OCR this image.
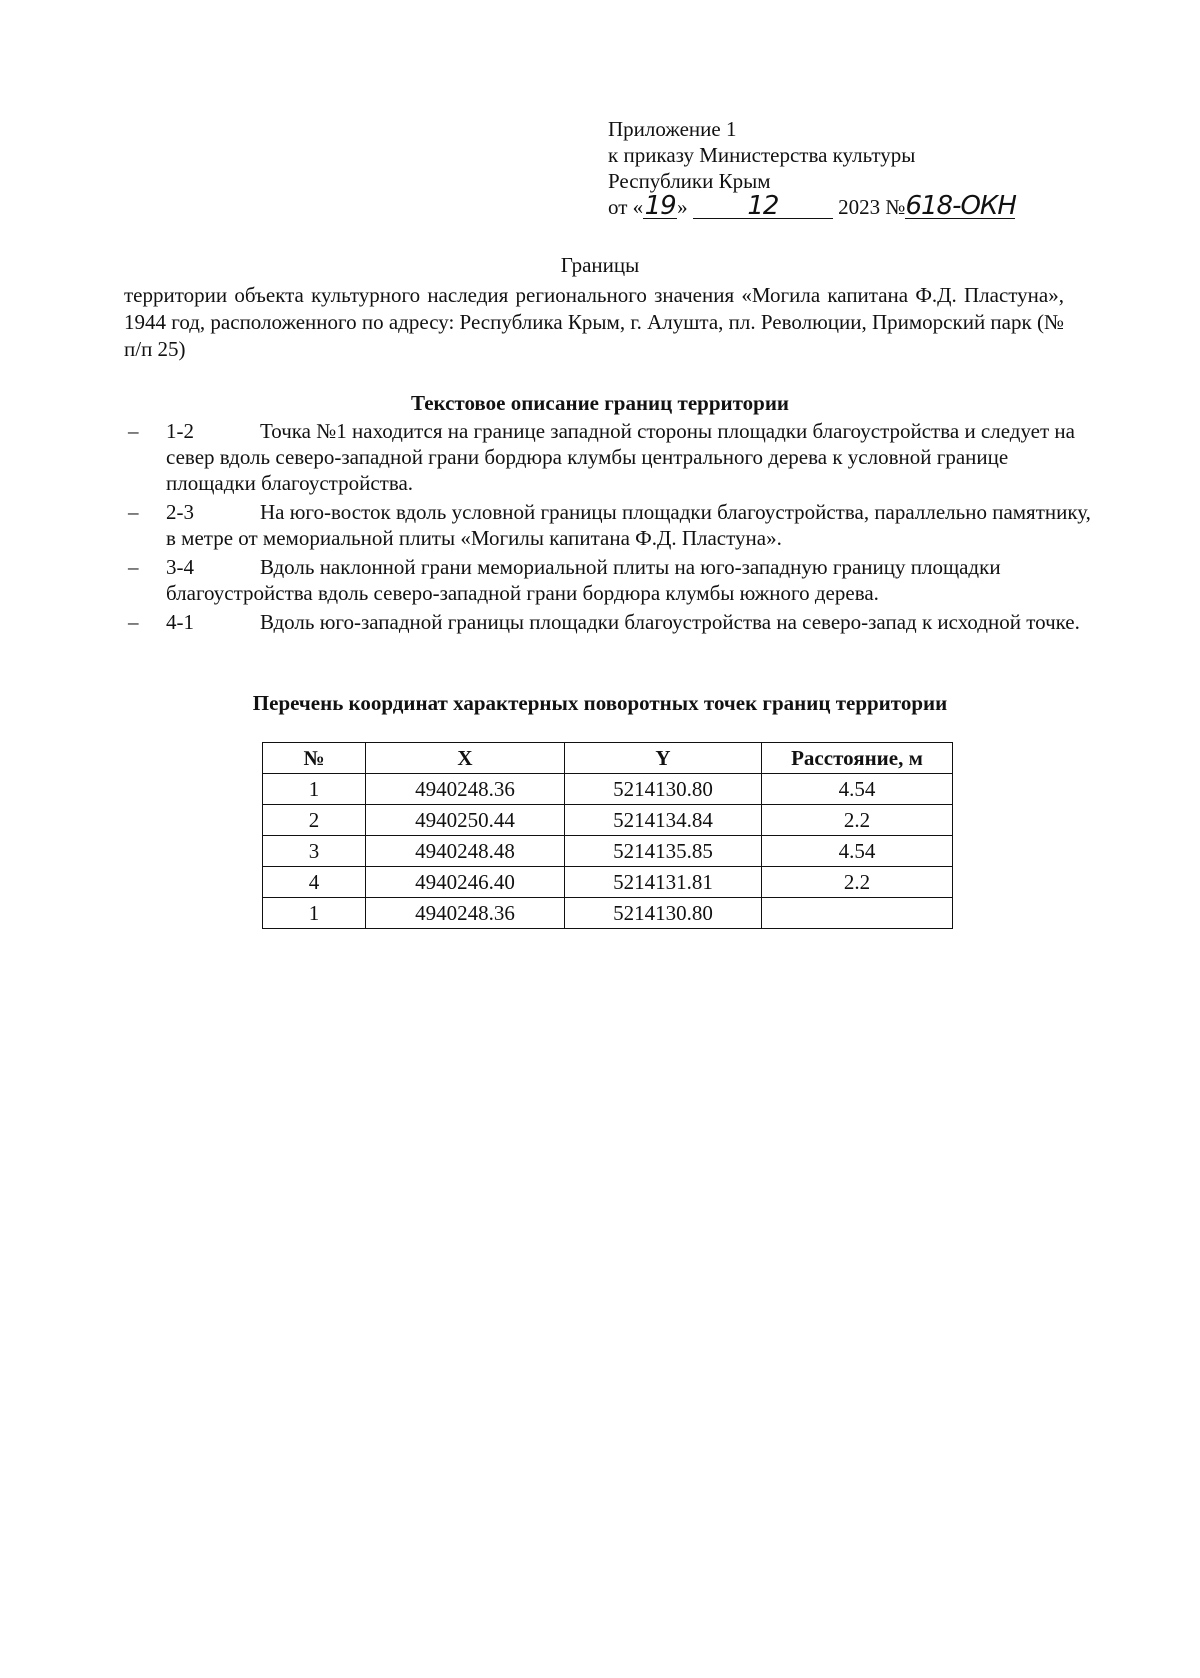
Приложение 1
к приказу Министерства культуры
Республики Крым
от «19» 12	2023 №618-ОКН
Границы
территории объекта культурного наследия регионального значения «Могила капитана Ф.Д. Пластуна», 1944 год, расположенного по адресу: Республика Крым, г. Алушта, пл. Революции, Приморский парк (№ п/п 25)
Текстовое описание границ территории
– 1-2	Точка №1 находится на границе западной стороны площадки благоустройства и следует на север вдоль северо-западной грани бордюра клумбы центрального дерева к условной границе площадки благоустройства.
– 2-3	На юго-восток вдоль условной границы площадки благоустройства, параллельно памятнику, в метре от мемориальной плиты «Могилы капитана Ф.Д. Пластуна».
– 3-4	Вдоль наклонной грани мемориальной плиты на юго-западную границу площадки благоустройства вдоль северо-западной грани бордюра клумбы южного дерева.
– 4-1	Вдоль юго-западной границы площадки благоустройства на северо-запад к исходной точке.
Перечень координат характерных поворотных точек границ территории
№	X	Y	Расстояние, м
1	4940248.36	5214130.80	4.54
2	4940250.44	5214134.84	2.2
3	4940248.48	5214135.85	4.54
4	4940246.40	5214131.81	2.2
1	4940248.36	5214130.80	
